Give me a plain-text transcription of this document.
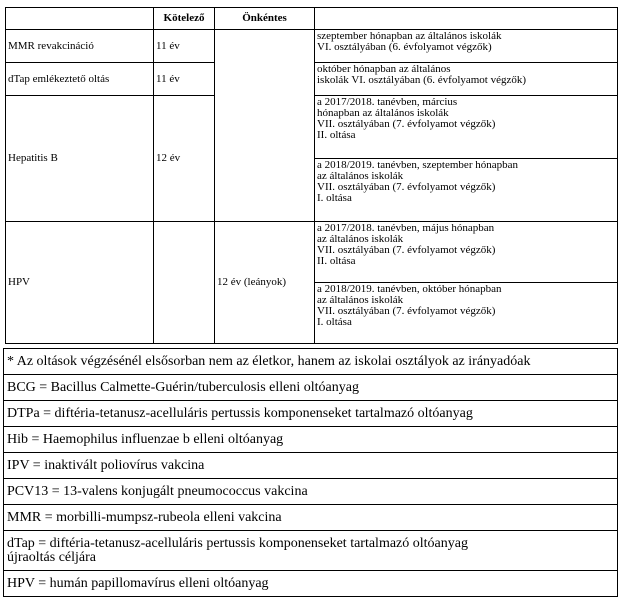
	Kötelező	Önkéntes	
MMR revakcináció	11 év		szeptember hónapban az általános iskolák
VI. osztályában (6. évfolyamot végzők)
dTap emlékeztető oltás	11 év		október hónapban az általános
iskolák VI. osztályában (6. évfolyamot végzők)
Hepatitis B	12 év		a 2017/2018. tanévben, március
hónapban az általános iskolák
VII. osztályában (7. évfolyamot végzők)
II. oltása
			a 2018/2019. tanévben, szeptember hónapban
az általános iskolák
VII. osztályában (7. évfolyamot végzők)
I. oltása
HPV		12 év (leányok)	a 2017/2018. tanévben, május hónapban
az általános iskolák
VII. osztályában (7. évfolyamot végzők)
II. oltása
			a 2018/2019. tanévben, október hónapban
az általános iskolák
VII. osztályában (7. évfolyamot végzők)
I. oltása
* Az oltások végzésénél elsősorban nem az életkor, hanem az iskolai osztályok az irányadóak
BCG = Bacillus Calmette-Guérin/tuberculosis elleni oltóanyag
DTPa = diftéria-tetanusz-acelluláris pertussis komponenseket tartalmazó oltóanyag
Hib = Haemophilus influenzae b elleni oltóanyag
IPV = inaktivált poliovírus vakcina
PCV13 = 13-valens konjugált pneumococcus vakcina
MMR = morbilli-mumpsz-rubeola elleni vakcina
dTap = diftéria-tetanusz-acelluláris pertussis komponenseket tartalmazó oltóanyag
újraoltás céljára
HPV = humán papillomavírus elleni oltóanyag
